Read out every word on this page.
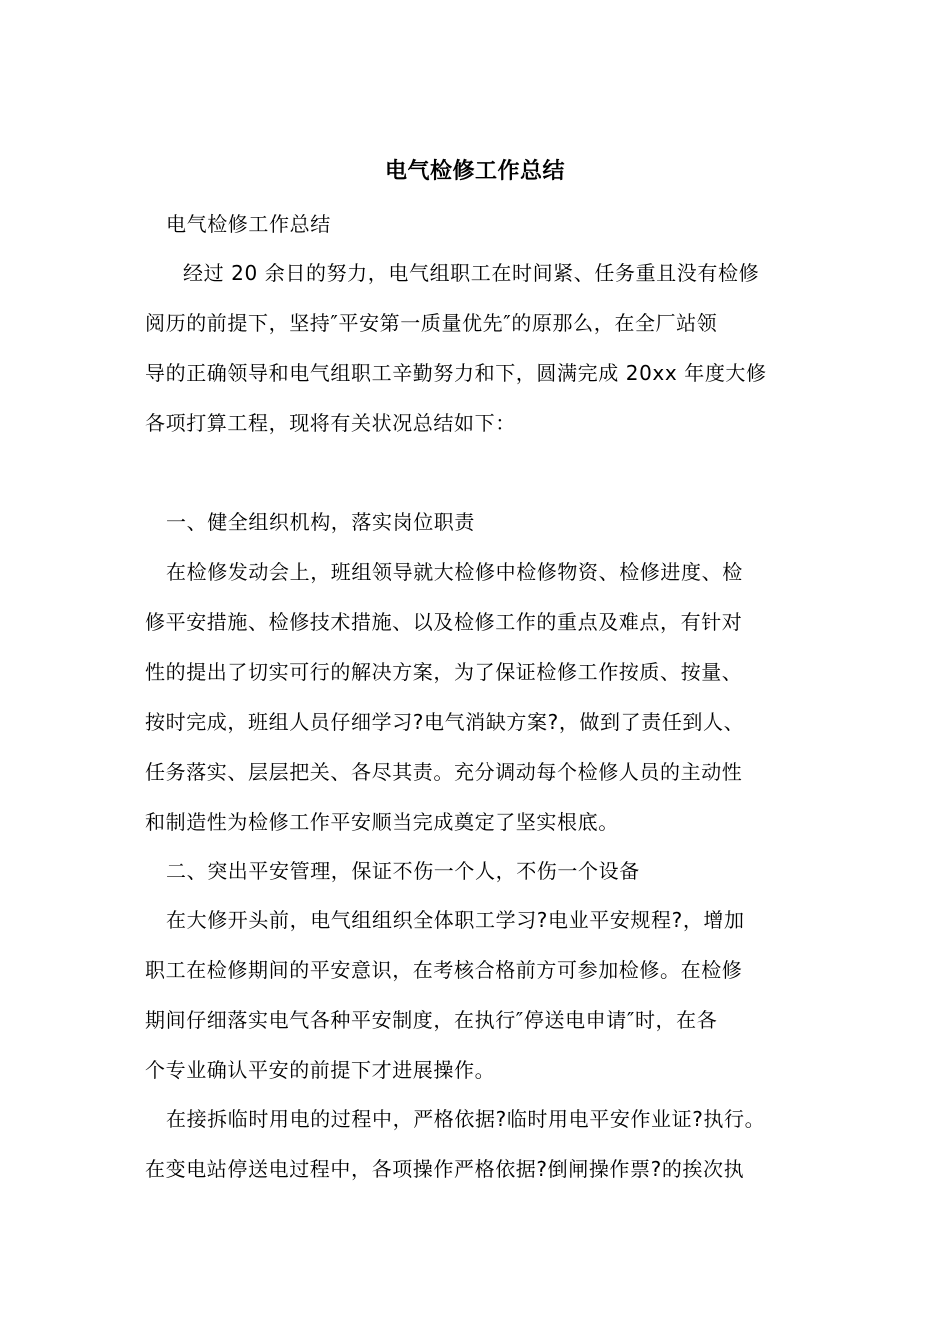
电气检修工作总结
电气检修工作总结
经过 20 余日的努力，电气组职工在时间紧、任务重且没有检修
阅历的前提下，坚持″平安第一质量优先″的原那么，在全厂站领
导的正确领导和电气组职工辛勤努力和下，圆满完成 20xx 年度大修
各项打算工程，现将有关状况总结如下：
一、健全组织机构，落实岗位职责
在检修发动会上，班组领导就大检修中检修物资、检修进度、检
修平安措施、检修技术措施、以及检修工作的重点及难点，有针对
性的提出了切实可行的解决方案，为了保证检修工作按质、按量、
按时完成，班组人员仔细学习?电气消缺方案?，做到了责任到人、
任务落实、层层把关、各尽其责。充分调动每个检修人员的主动性
和制造性为检修工作平安顺当完成奠定了坚实根底。
二、突出平安管理，保证不伤一个人，不伤一个设备
在大修开头前，电气组组织全体职工学习?电业平安规程?，增加
职工在检修期间的平安意识，在考核合格前方可参加检修。在检修
期间仔细落实电气各种平安制度，在执行″停送电申请″时，在各
个专业确认平安的前提下才进展操作。
在接拆临时用电的过程中，严格依据?临时用电平安作业证?执行。
在变电站停送电过程中，各项操作严格依据?倒闸操作票?的挨次执
